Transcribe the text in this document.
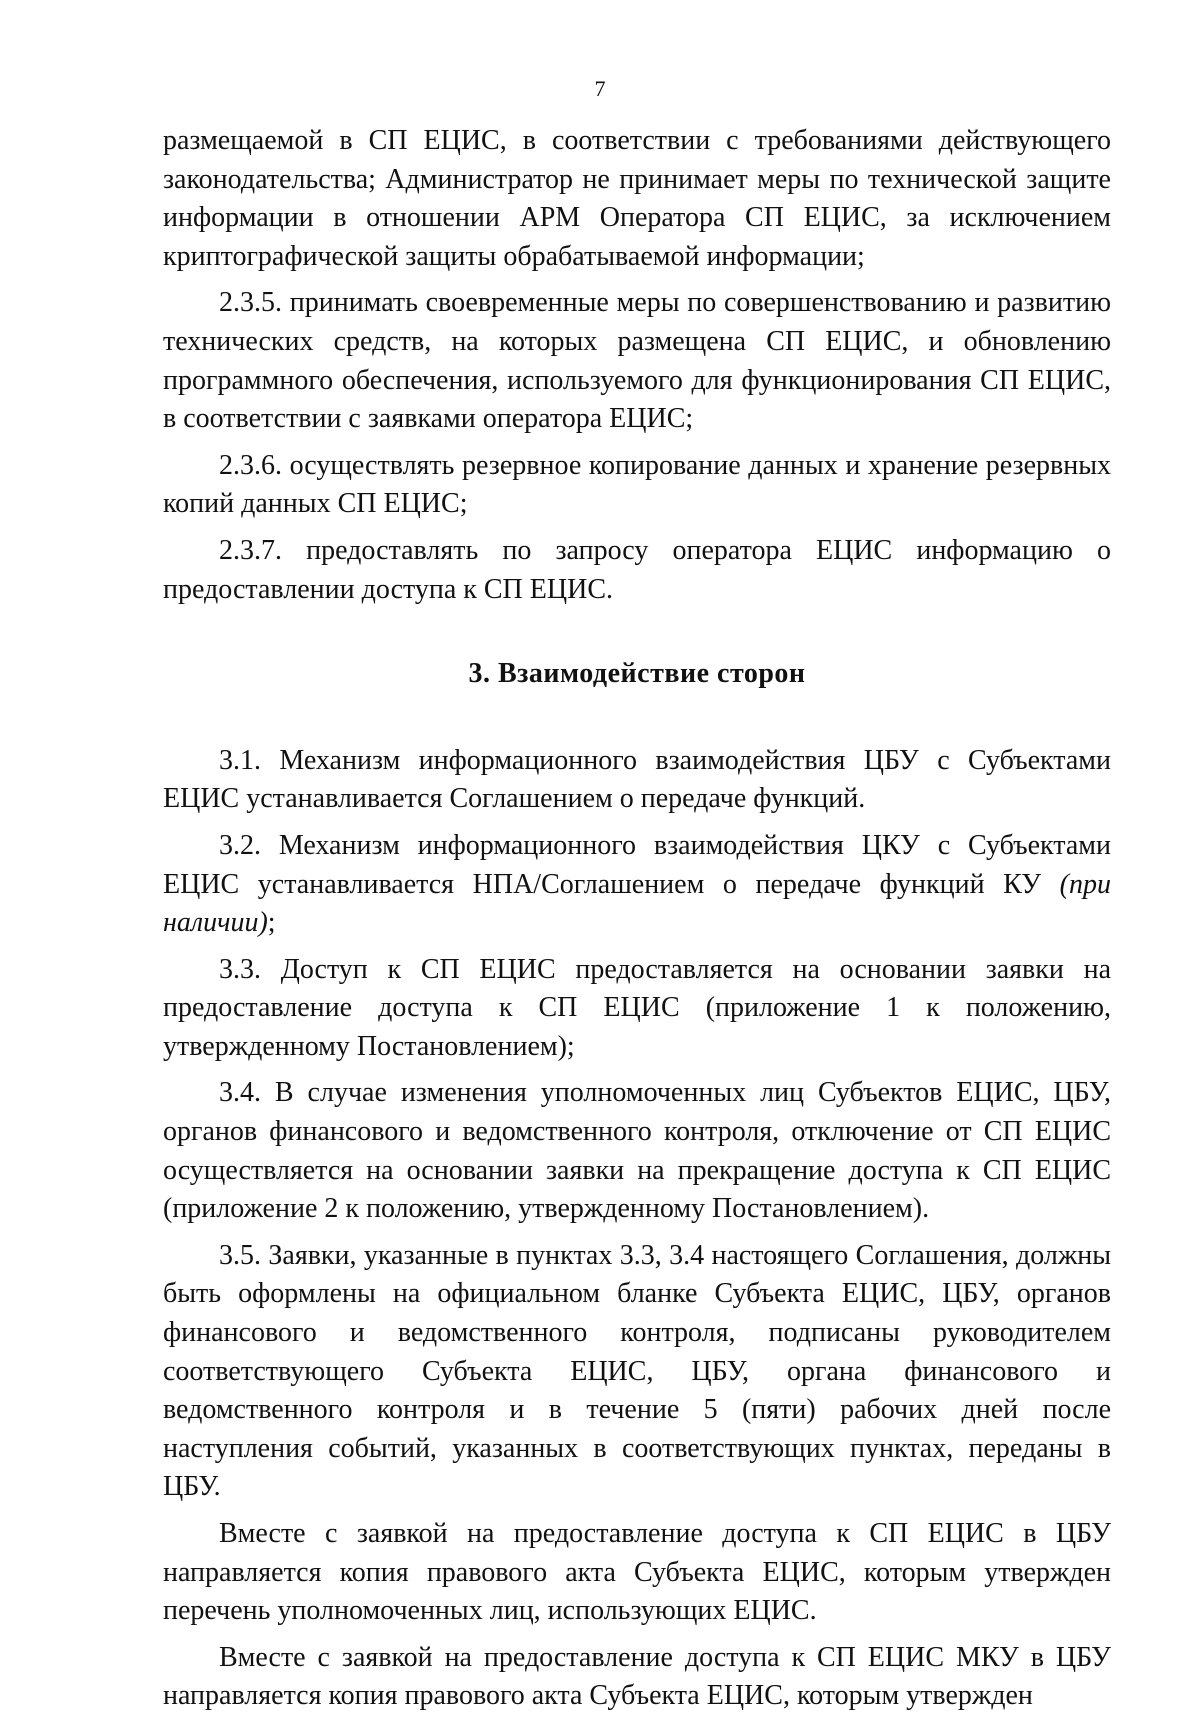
7

размещаемой в СП ЕЦИС, в соответствии с требованиями действующего законодательства; Администратор не принимает меры по технической защите информации в отношении АРМ Оператора СП ЕЦИС, за исключением криптографической защиты обрабатываемой информации;

2.3.5. принимать своевременные меры по совершенствованию и развитию технических средств, на которых размещена СП ЕЦИС, и обновлению программного обеспечения, используемого для функционирования СП ЕЦИС, в соответствии с заявками оператора ЕЦИС;

2.3.6. осуществлять резервное копирование данных и хранение резервных копий данных СП ЕЦИС;

2.3.7. предоставлять по запросу оператора ЕЦИС информацию о предоставлении доступа к СП ЕЦИС.

3. Взаимодействие сторон

3.1. Механизм информационного взаимодействия ЦБУ с Субъектами ЕЦИС устанавливается Соглашением о передаче функций.

3.2. Механизм информационного взаимодействия ЦКУ с Субъектами ЕЦИС устанавливается НПА/Соглашением о передаче функций КУ (при наличии);

3.3. Доступ к СП ЕЦИС предоставляется на основании заявки на предоставление доступа к СП ЕЦИС (приложение 1 к положению, утвержденному Постановлением);

3.4. В случае изменения уполномоченных лиц Субъектов ЕЦИС, ЦБУ, органов финансового и ведомственного контроля, отключение от СП ЕЦИС осуществляется на основании заявки на прекращение доступа к СП ЕЦИС (приложение 2 к положению, утвержденному Постановлением).

3.5. Заявки, указанные в пунктах 3.3, 3.4 настоящего Соглашения, должны быть оформлены на официальном бланке Субъекта ЕЦИС, ЦБУ, органов финансового и ведомственного контроля, подписаны руководителем соответствующего Субъекта ЕЦИС, ЦБУ, органа финансового и ведомственного контроля и в течение 5 (пяти) рабочих дней после наступления событий, указанных в соответствующих пунктах, переданы в ЦБУ.

Вместе с заявкой на предоставление доступа к СП ЕЦИС в ЦБУ направляется копия правового акта Субъекта ЕЦИС, которым утвержден перечень уполномоченных лиц, использующих ЕЦИС.

Вместе с заявкой на предоставление доступа к СП ЕЦИС МКУ в ЦБУ направляется копия правового акта Субъекта ЕЦИС, которым утвержден
